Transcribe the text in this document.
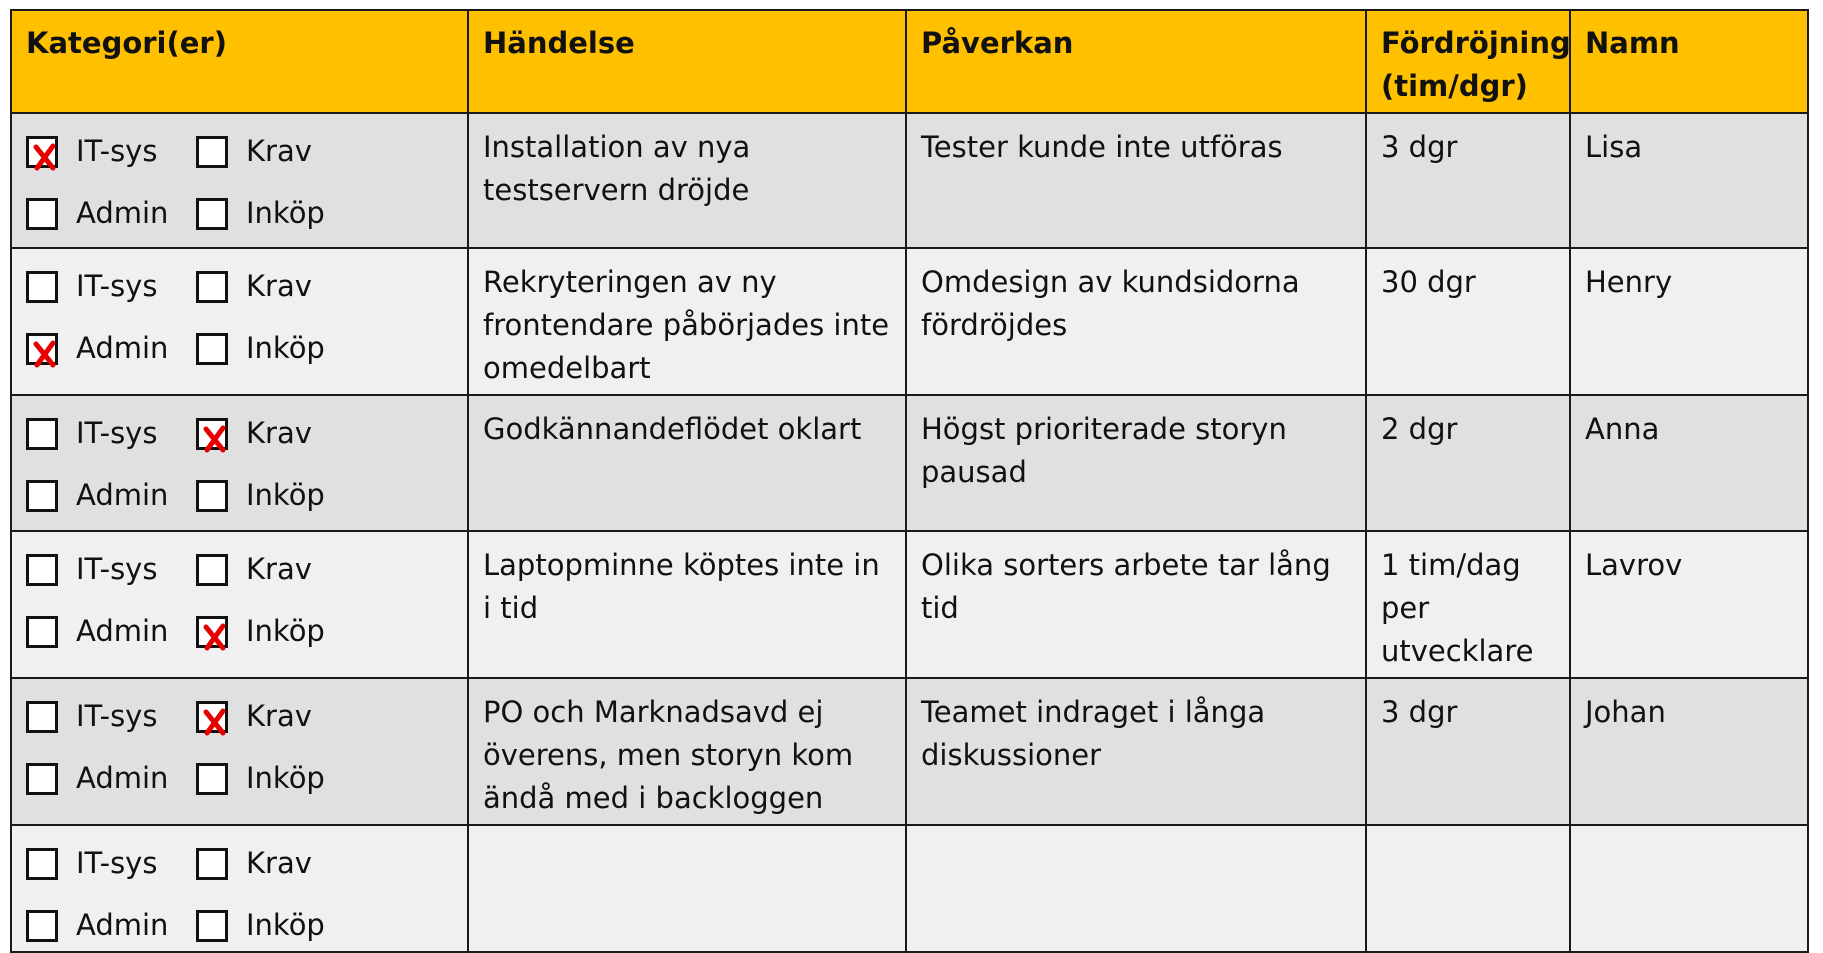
Kategori(er)	Händelse	Påverkan	Fördröjning
(tim/dgr)	Namn

IT-sys Krav
Admin Inköp	Installation av nya testservern dröjde	Tester kunde inte utföras	3 dgr	Lisa

IT-sys Krav
Admin Inköp	Rekryteringen av ny frontendare påbörjades inte omedelbart	Omdesign av kundsidorna fördröjdes	30 dgr	Henry

IT-sys Krav
Admin Inköp	Godkännandeflödet oklart	Högst prioriterade storyn pausad	2 dgr	Anna

IT-sys Krav
Admin Inköp	Laptopminne köptes inte in i tid	Olika sorters arbete tar lång tid	1 tim/dag per utvecklare	Lavrov

IT-sys Krav
Admin Inköp	PO och Marknadsavd ej överens, men storyn kom ändå med i backloggen	Teamet indraget i långa diskussioner	3 dgr	Johan

IT-sys Krav
Admin Inköp				
